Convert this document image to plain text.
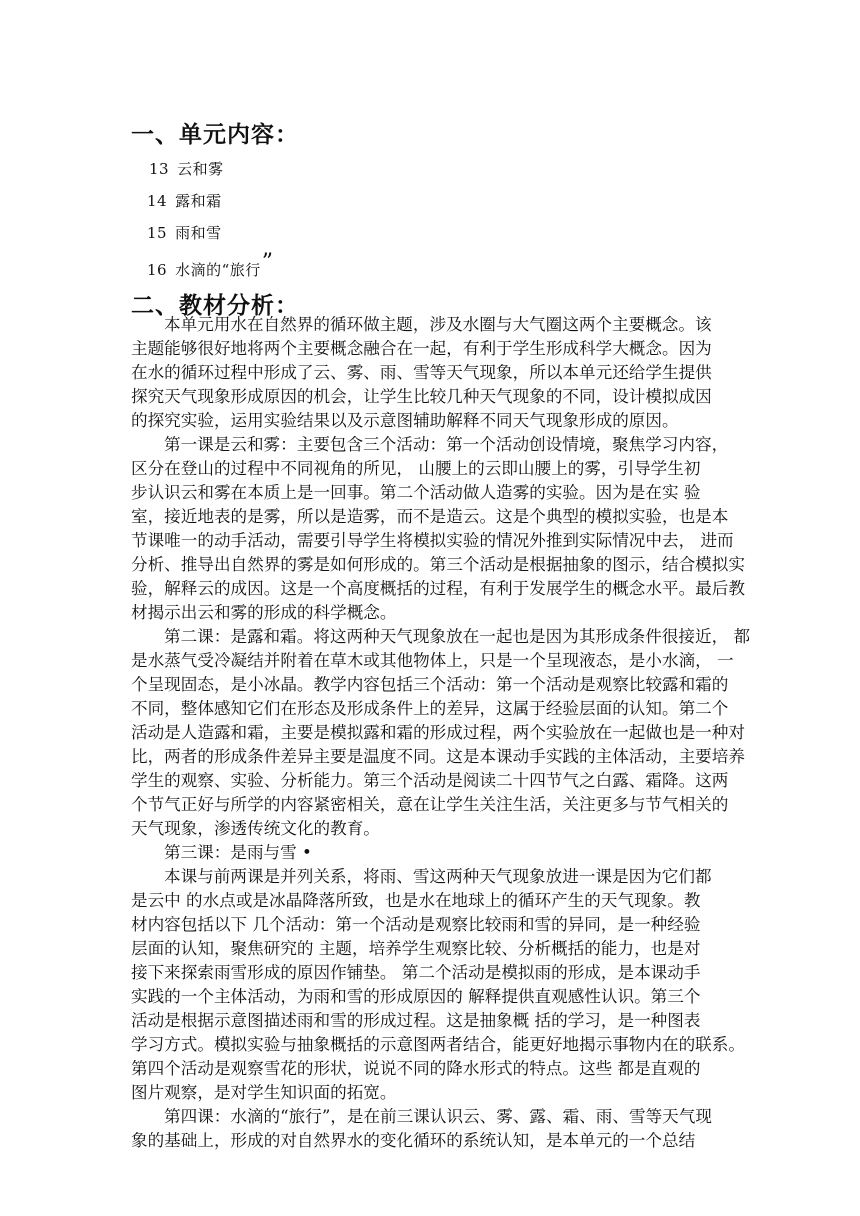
一、单元内容：
13 云和雾
14 露和霜
15 雨和雪
16 水滴的“旅行”
二、教材分析：
本单元用水在自然界的循环做主题，涉及水圈与大气圈这两个主要概念。该
主题能够很好地将两个主要概念融合在一起，有利于学生形成科学大概念。因为
在水的循环过程中形成了云、雾、雨、雪等天气现象，所以本单元还给学生提供
探究天气现象形成原因的机会，让学生比较几种天气现象的不同，设计模拟成因
的探究实验，运用实验结果以及示意图辅助解释不同天气现象形成的原因。
第一课是云和雾：主要包含三个活动：第一个活动创设情境，聚焦学习内容，
区分在登山的过程中不同视角的所见， 山腰上的云即山腰上的雾，引导学生初
步认识云和雾在本质上是一回事。第二个活动做人造雾的实验。因为是在实 验
室，接近地表的是雾，所以是造雾，而不是造云。这是个典型的模拟实验，也是本
节课唯一的动手活动，需要引导学生将模拟实验的情况外推到实际情况中去， 进而
分析、推导出自然界的雾是如何形成的。第三个活动是根据抽象的图示，结合模拟实
验，解释云的成因。这是一个高度概括的过程，有利于发展学生的概念水平。最后教
材揭示出云和雾的形成的科学概念。
第二课：是露和霜。将这两种天气现象放在一起也是因为其形成条件很接近， 都
是水蒸气受冷凝结并附着在草木或其他物体上，只是一个呈现液态，是小水滴， 一
个呈现固态，是小冰晶。教学内容包括三个活动：第一个活动是观察比较露和霜的
不同，整体感知它们在形态及形成条件上的差异，这属于经验层面的认知。第二个
活动是人造露和霜，主要是模拟露和霜的形成过程，两个实验放在一起做也是一种对
比，两者的形成条件差异主要是温度不同。这是本课动手实践的主体活动，主要培养
学生的观察、实验、分析能力。第三个活动是阅读二十四节气之白露、霜降。这两
个节气正好与所学的内容紧密相关，意在让学生关注生活，关注更多与节气相关的
天气现象，渗透传统文化的教育。
第三课：是雨与雪 •
本课与前两课是并列关系，将雨、雪这两种天气现象放进一课是因为它们都
是云中 的水点或是冰晶降落所致，也是水在地球上的循环产生的天气现象。教
材内容包括以下 几个活动：第一个活动是观察比较雨和雪的异同，是一种经验
层面的认知，聚焦研究的 主题，培养学生观察比较、分析概括的能力，也是对
接下来探索雨雪形成的原因作铺垫。 第二个活动是模拟雨的形成，是本课动手
实践的一个主体活动，为雨和雪的形成原因的 解释提供直观感性认识。第三个
活动是根据示意图描述雨和雪的形成过程。这是抽象概 括的学习，是一种图表
学习方式。模拟实验与抽象概括的示意图两者结合，能更好地揭示事物内在的联系。
第四个活动是观察雪花的形状，说说不同的降水形式的特点。这些 都是直观的
图片观察，是对学生知识面的拓宽。
第四课：水滴的“旅行”，是在前三课认识云、雾、露、霜、雨、雪等天气现
象的基础上，形成的对自然界水的变化循环的系统认知，是本单元的一个总结
